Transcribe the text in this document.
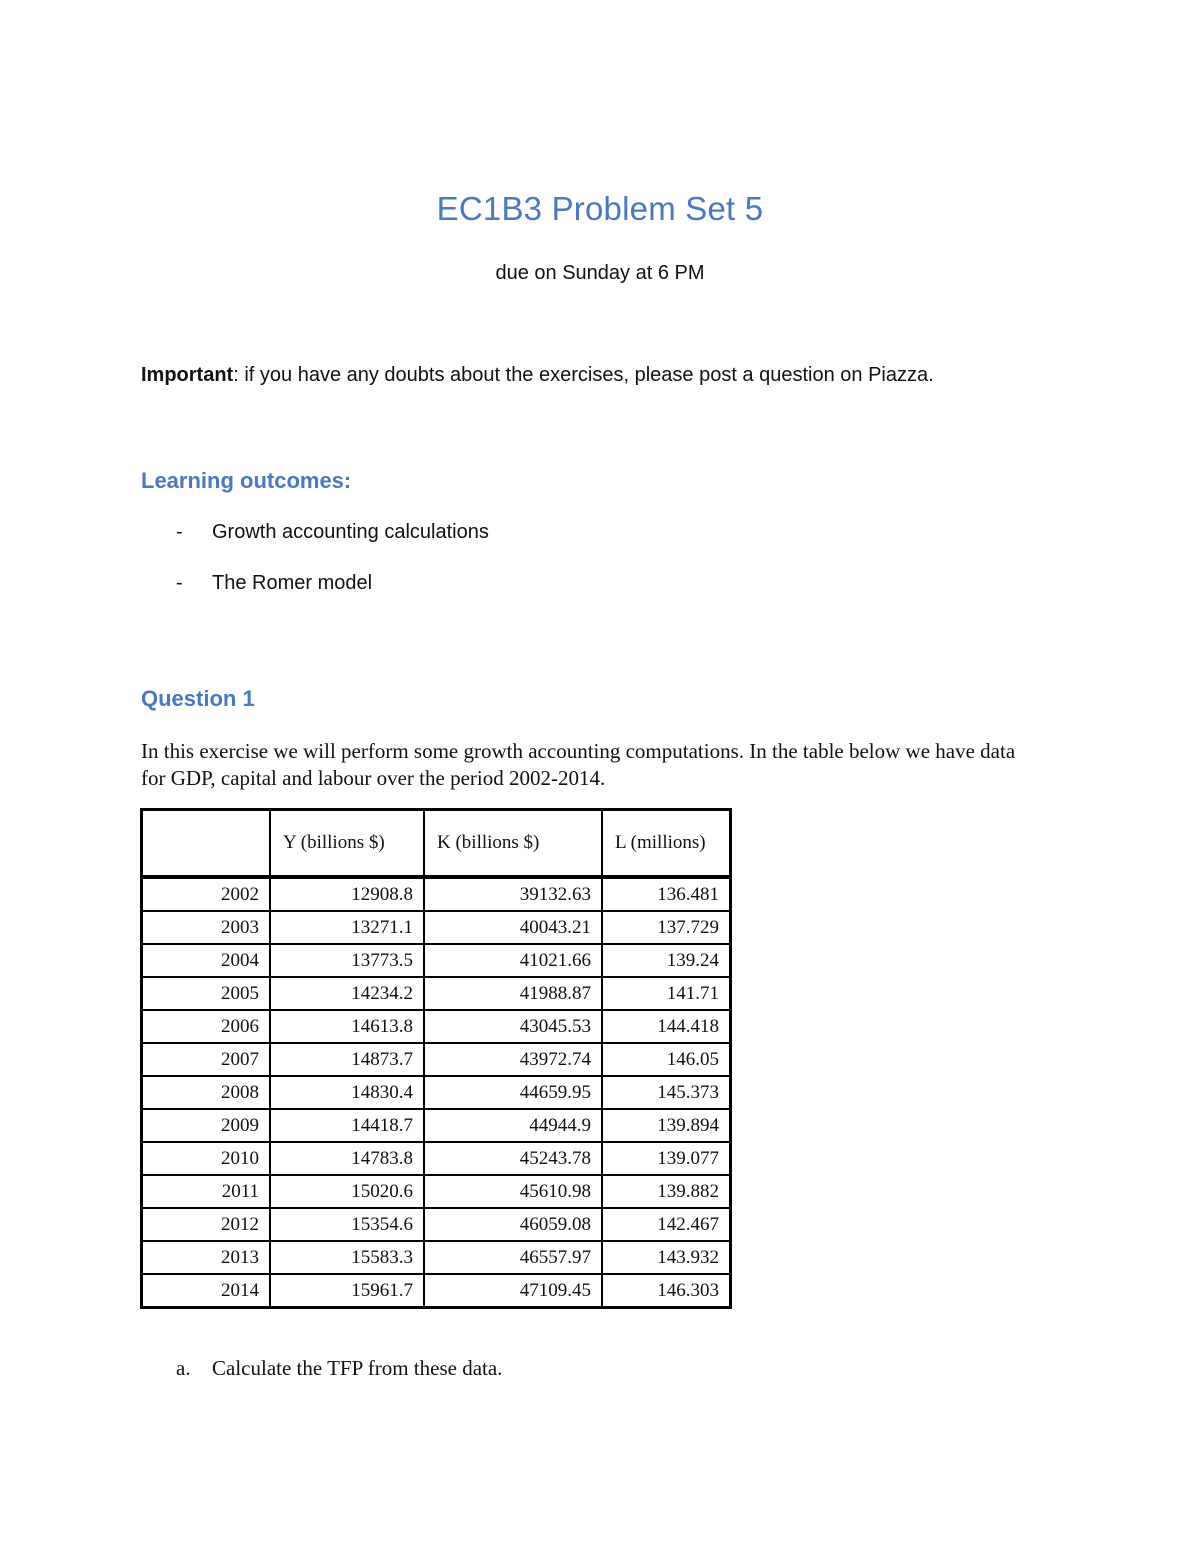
EC1B3 Problem Set 5
due on Sunday at 6 PM
Important: if you have any doubts about the exercises, please post a question on Piazza.
Learning outcomes:
- Growth accounting calculations
- The Romer model
Question 1
In this exercise we will perform some growth accounting computations. In the table below we have data for GDP, capital and labour over the period 2002-2014.
	Y (billions $)	K (billions $)	L (millions)
2002	12908.8	39132.63	136.481
2003	13271.1	40043.21	137.729
2004	13773.5	41021.66	139.24
2005	14234.2	41988.87	141.71
2006	14613.8	43045.53	144.418
2007	14873.7	43972.74	146.05
2008	14830.4	44659.95	145.373
2009	14418.7	44944.9	139.894
2010	14783.8	45243.78	139.077
2011	15020.6	45610.98	139.882
2012	15354.6	46059.08	142.467
2013	15583.3	46557.97	143.932
2014	15961.7	47109.45	146.303
a. Calculate the TFP from these data.
